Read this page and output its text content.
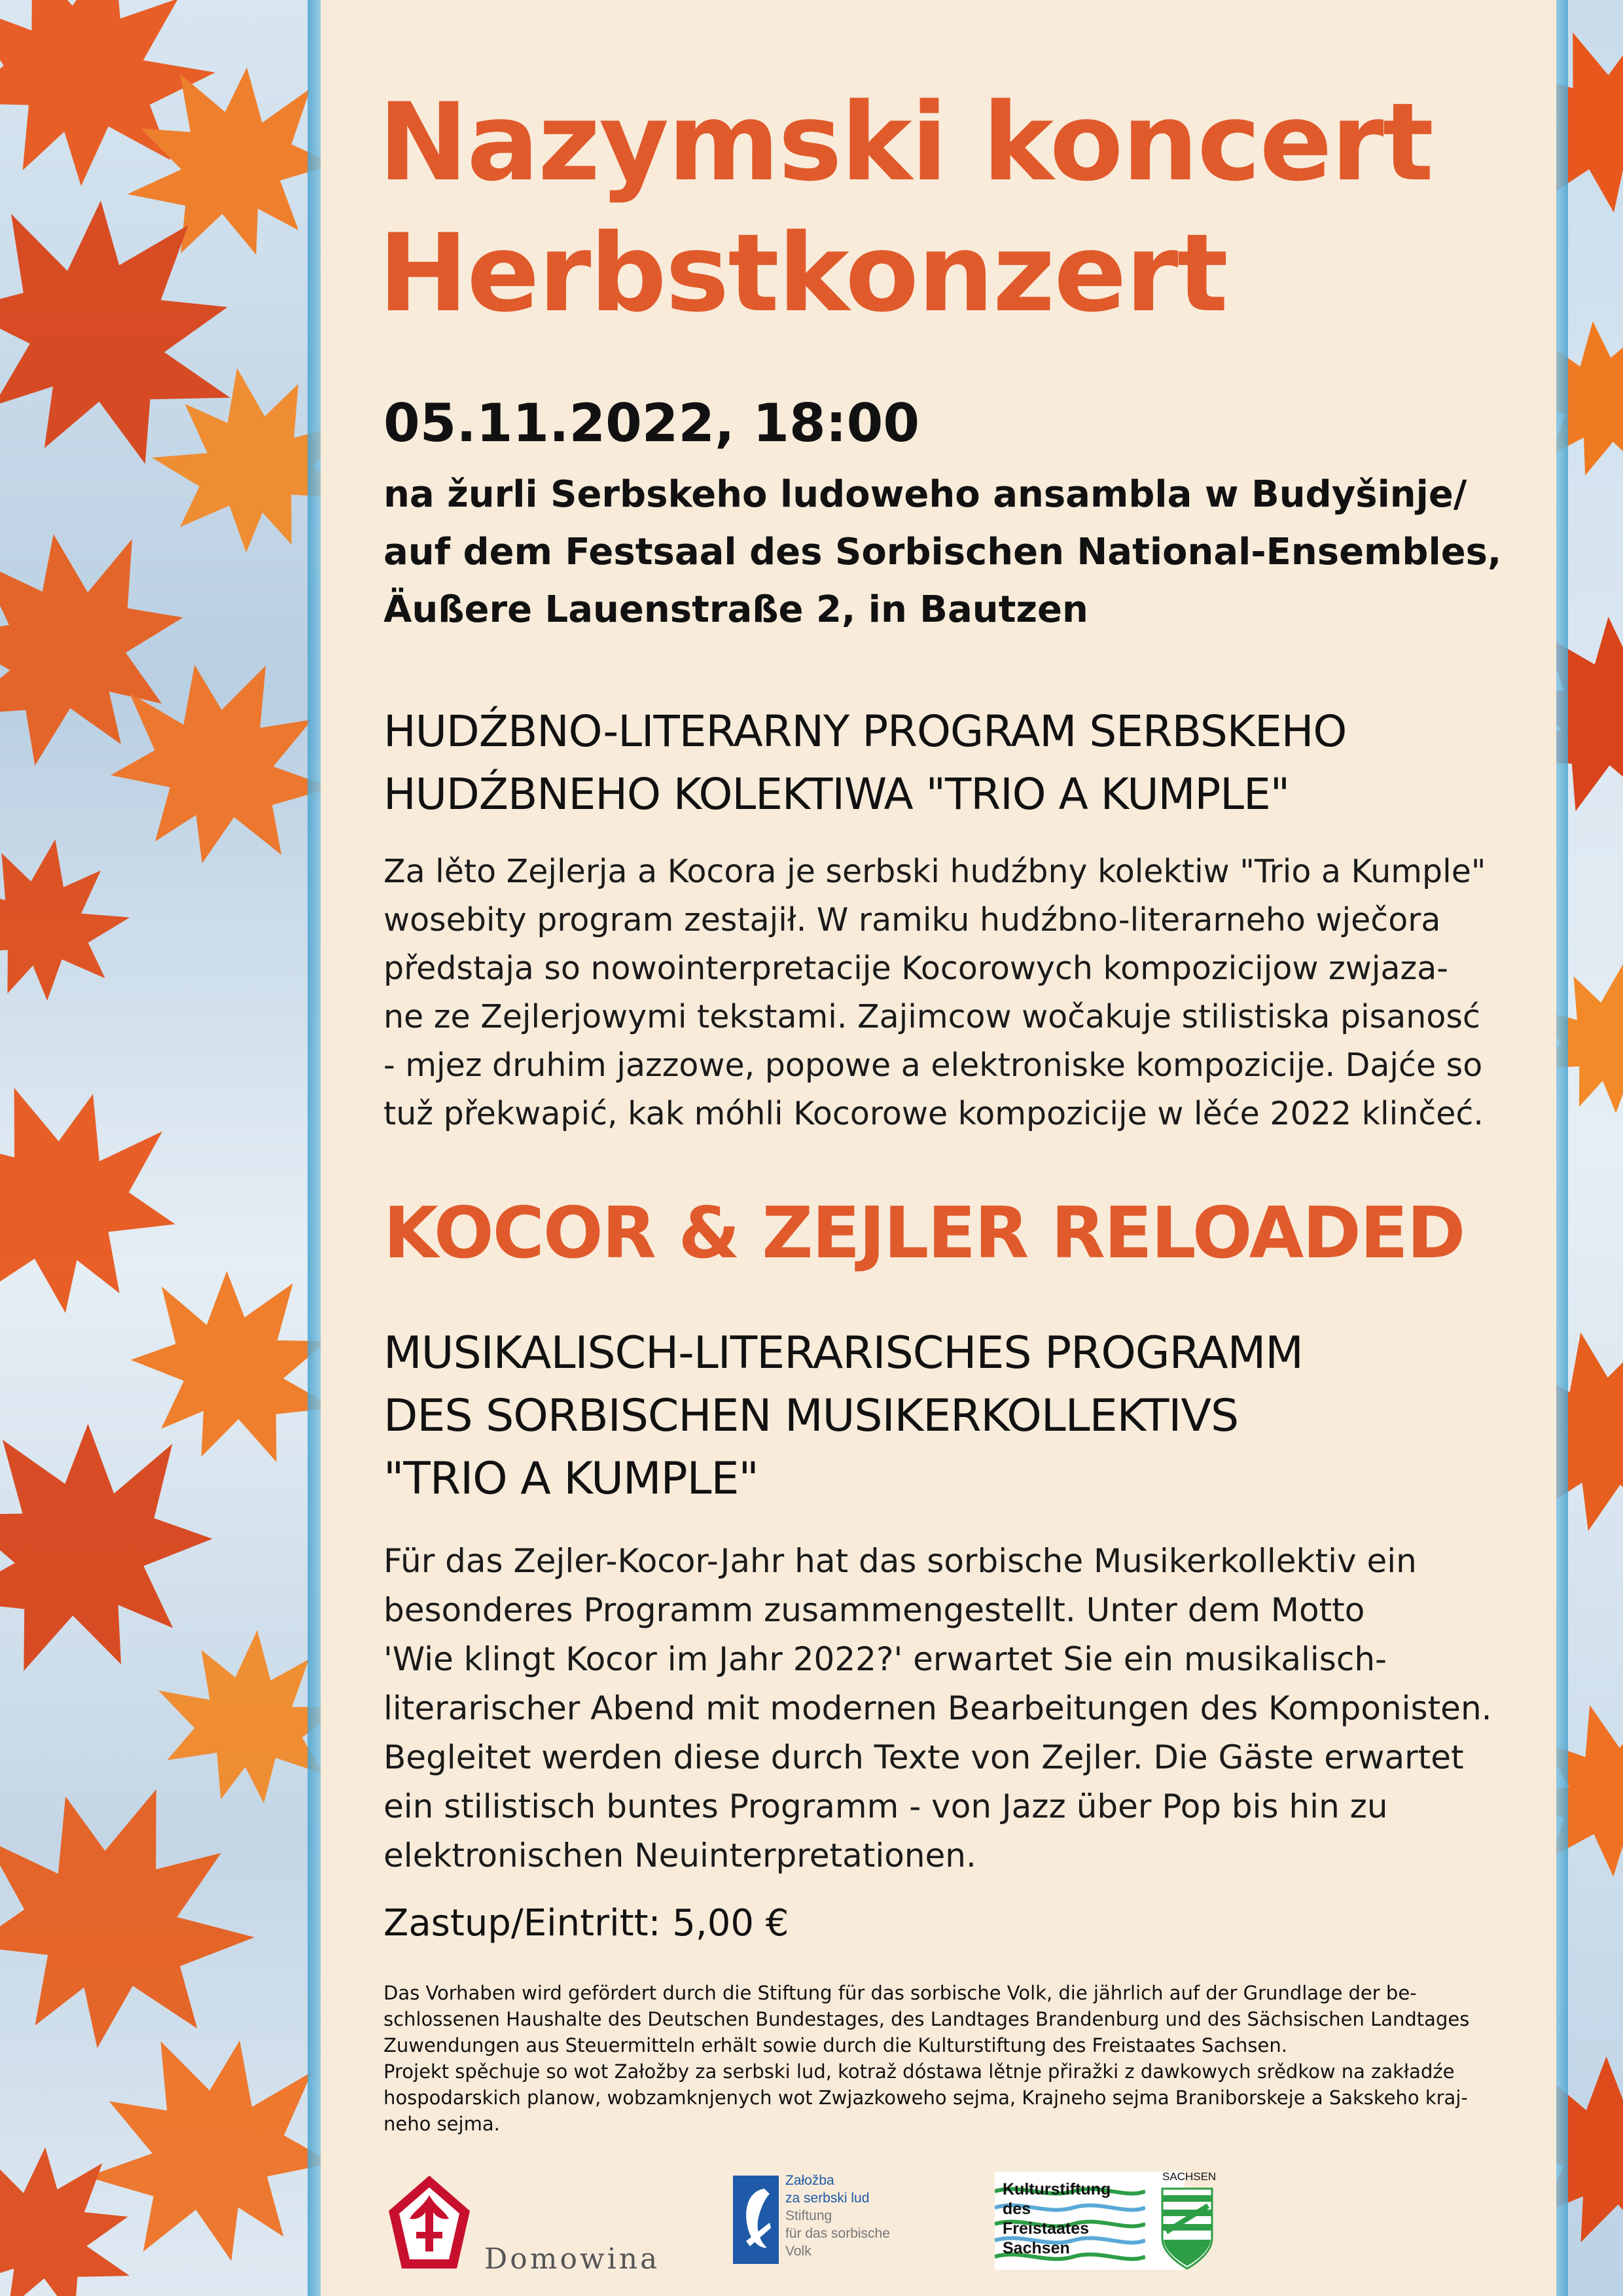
Nazymski koncert
Herbstkonzert
05.11.2022, 18:00
na žurli Serbskeho ludoweho ansambla w Budyšinje/
auf dem Festsaal des Sorbischen National-Ensembles,
Äußere Lauenstraße 2, in Bautzen
HUDŹBNO-LITERARNY PROGRAM SERBSKEHO
HUDŹBNEHO KOLEKTIWA "TRIO A KUMPLE"
Za lěto Zejlerja a Kocora je serbski hudźbny kolektiw "Trio a Kumple"
wosebity program zestajił. W ramiku hudźbno-literarneho wječora
předstaja so nowointerpretacije Kocorowych kompozicijow zwjaza-
ne ze Zejlerjowymi tekstami. Zajimcow wočakuje stilistiska pisanosć
- mjez druhim jazzowe, popowe a elektroniske kompozicije. Dajće so
tuž překwapić, kak móhli Kocorowe kompozicije w lěće 2022 klinčeć.
KOCOR & ZEJLER RELOADED
MUSIKALISCH-LITERARISCHES PROGRAMM
DES SORBISCHEN MUSIKERKOLLEKTIVS
"TRIO A KUMPLE"
Für das Zejler-Kocor-Jahr hat das sorbische Musikerkollektiv ein
besonderes Programm zusammengestellt. Unter dem Motto
'Wie klingt Kocor im Jahr 2022?' erwartet Sie ein musikalisch-
literarischer Abend mit modernen Bearbeitungen des Komponisten.
Begleitet werden diese durch Texte von Zejler. Die Gäste erwartet
ein stilistisch buntes Programm - von Jazz über Pop bis hin zu
elektronischen Neuinterpretationen.
Zastup/Eintritt: 5,00 €
Das Vorhaben wird gefördert durch die Stiftung für das sorbische Volk, die jährlich auf der Grundlage der be-
schlossenen Haushalte des Deutschen Bundestages, des Landtages Brandenburg und des Sächsischen Landtages
Zuwendungen aus Steuermitteln erhält sowie durch die Kulturstiftung des Freistaates Sachsen.
Projekt spěchuje so wot Załožby za serbski lud, kotraž dóstawa lětnje přiražki z dawkowych srědkow na zakładźe
hospodarskich planow, wobzamknjenych wot Zwjazkoweho sejma, Krajneho sejma Braniborskeje a Sakskeho kraj-
neho sejma.
Domowina
Załožba
za serbski lud
Stiftung
für das sorbische
Volk
Kulturstiftung
des
Freistaates
Sachsen
SACHSEN
